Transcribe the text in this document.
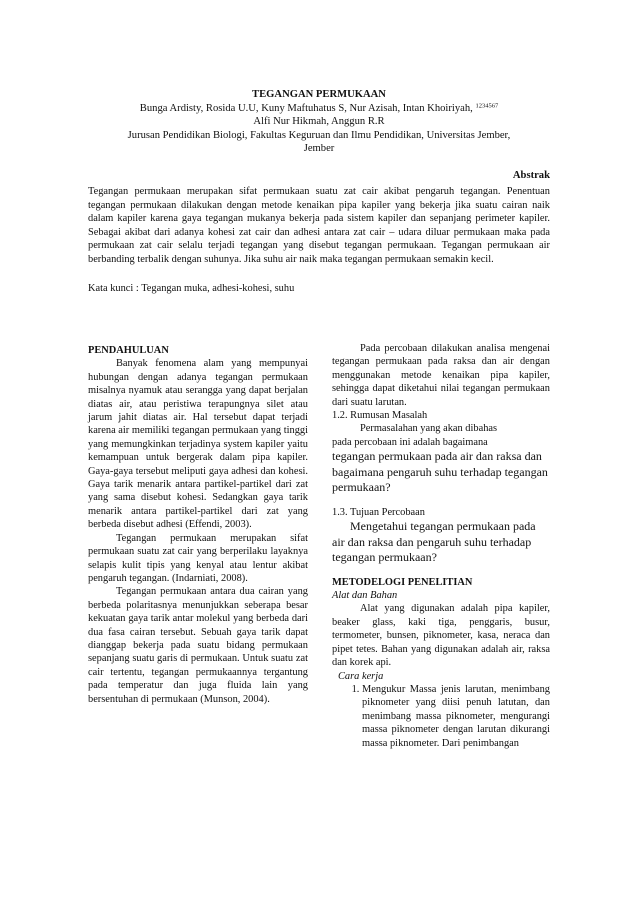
TEGANGAN PERMUKAAN
Bunga Ardisty, Rosida U.U, Kuny Maftuhatus S, Nur Azisah, Intan Khoiriyah, $^{1234567}$
Alfi Nur Hikmah, Anggun R.R
Jurusan Pendidikan Biologi, Fakultas Keguruan dan Ilmu Pendidikan, Universitas Jember,
Jember
Abstrak

Tegangan permukaan merupakan sifat permukaan suatu zat cair akibat pengaruh tegangan. Penentuan tegangan permukaan dilakukan dengan metode kenaikan pipa kapiler yang bekerja jika suatu cairan naik dalam kapiler karena gaya tegangan mukanya bekerja pada sistem kapiler dan sepanjang perimeter kapiler. Sebagai akibat dari adanya kohesi zat cair dan adhesi antara zat cair – udara diluar permukaan maka pada permukaan zat cair selalu terjadi tegangan yang disebut tegangan permukaan. Tegangan permukaan air berbanding terbalik dengan suhunya. Jika suhu air naik maka tegangan permukaan semakin kecil.

Kata kunci : Tegangan muka, adhesi-kohesi, suhu

PENDAHULUAN

Banyak fenomena alam yang mempunyai hubungan dengan adanya tegangan permukaan misalnya nyamuk atau serangga yang dapat berjalan diatas air, atau peristiwa terapungnya silet atau jarum jahit diatas air. Hal tersebut dapat terjadi karena air memiliki tegangan permukaan yang tinggi yang memungkinkan terjadinya system kapiler yaitu kemampuan untuk bergerak dalam pipa kapiler. Gaya-gaya tersebut meliputi gaya adhesi dan kohesi. Gaya tarik menarik antara partikel-partikel dari zat yang sama disebut kohesi. Sedangkan gaya tarik menarik antara partikel-partikel dari zat yang berbeda disebut adhesi (Effendi, 2003).

Tegangan permukaan merupakan sifat permukaan suatu zat cair yang berperilaku layaknya selapis kulit tipis yang kenyal atau lentur akibat pengaruh tegangan. (Indarniati, 2008).

Tegangan permukaan antara dua cairan yang berbeda polaritasnya menunjukkan seberapa besar kekuatan gaya tarik antar molekul yang berbeda dari dua fasa cairan tersebut. Sebuah gaya tarik dapat dianggap bekerja pada suatu bidang permukaan sepanjang suatu garis di permukaan. Untuk suatu zat cair tertentu, tegangan permukaannya tergantung pada temperatur dan juga fluida lain yang bersentuhan di permukaan (Munson, 2004).

Pada percobaan dilakukan analisa mengenai tegangan permukaan pada raksa dan air dengan menggunakan metode kenaikan pipa kapiler, sehingga dapat diketahui nilai tegangan permukaan dari suatu larutan.

1.2. Rumusan Masalah

Permasalahan yang akan dibahas

pada percobaan ini adalah bagaimana

tegangan permukaan pada air dan raksa dan bagaimana pengaruh suhu terhadap tegangan permukaan?

1.3. Tujuan Percobaan

Mengetahui tegangan permukaan pada air dan raksa dan pengaruh suhu terhadap tegangan permukaan?

METODELOGI PENELITIAN

Alat dan Bahan

Alat yang digunakan adalah pipa kapiler, beaker glass, kaki tiga, penggaris, busur, termometer, bunsen, piknometer, kasa, neraca dan pipet tetes. Bahan yang digunakan adalah air, raksa dan korek api.

Cara kerja

1. Mengukur Massa jenis larutan, menimbang piknometer yang diisi penuh latutan, dan menimbang massa piknometer, mengurangi massa piknometer dengan larutan dikurangi massa piknometer. Dari penimbangan
